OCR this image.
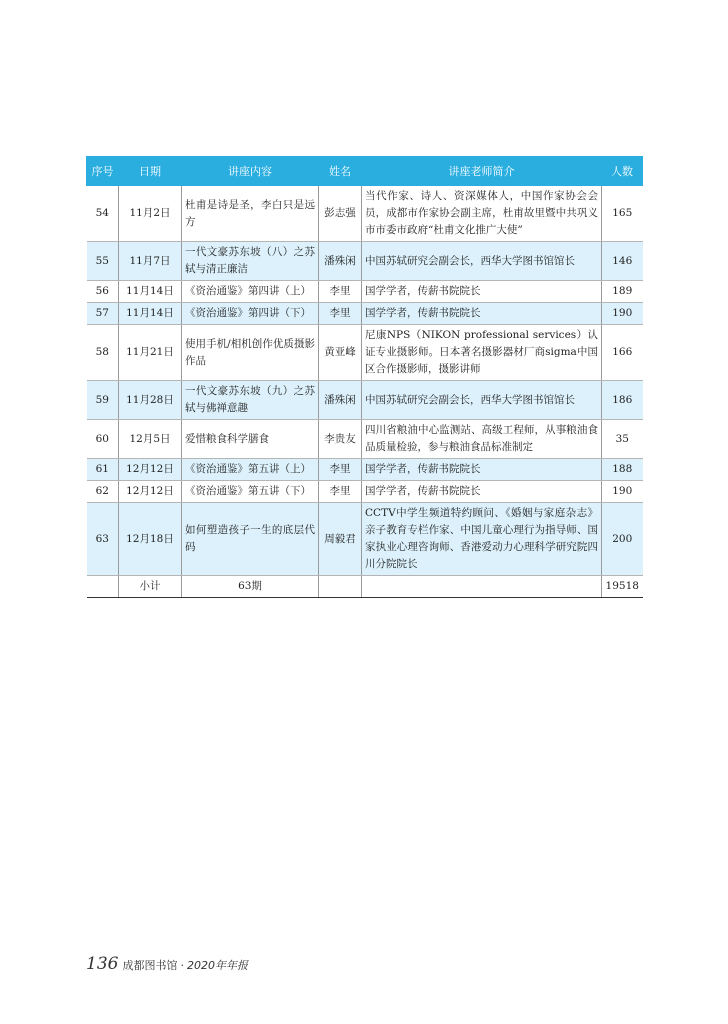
序号	日期	讲座内容	姓名	讲座老师简介	人数
54	11月2日	杜甫是诗是圣，李白只是远方	彭志强	当代作家、诗人、资深媒体人，中国作家协会会员，成都市作家协会副主席，杜甫故里暨中共巩义市市委市政府“杜甫文化推广大使”	165
55	11月7日	一代文豪苏东坡（八）之苏轼与清正廉洁	潘殊闲	中国苏轼研究会副会长，西华大学图书馆馆长	146
56	11月14日	《资治通鉴》第四讲（上）	李里	国学学者，传薪书院院长	189
57	11月14日	《资治通鉴》第四讲（下）	李里	国学学者，传薪书院院长	190
58	11月21日	使用手机/相机创作优质摄影作品	黄亚峰	尼康NPS（NIKON professional services）认证专业摄影师。日本著名摄影器材厂商sigma中国区合作摄影师，摄影讲师	166
59	11月28日	一代文豪苏东坡（九）之苏轼与佛禅意趣	潘殊闲	中国苏轼研究会副会长，西华大学图书馆馆长	186
60	12月5日	爱惜粮食科学膳食	李贵友	四川省粮油中心监测站、高级工程师，从事粮油食品质量检验，参与粮油食品标准制定	35
61	12月12日	《资治通鉴》第五讲（上）	李里	国学学者，传薪书院院长	188
62	12月12日	《资治通鉴》第五讲（下）	李里	国学学者，传薪书院院长	190
63	12月18日	如何塑造孩子一生的底层代码	周毅君	CCTV中学生频道特约顾问、《婚姻与家庭杂志》亲子教育专栏作家、中国儿童心理行为指导师、国家执业心理咨询师、香港爱动力心理科学研究院四川分院院长	200
	小计	63期			19518
136 成都图书馆 · 2020年年报
